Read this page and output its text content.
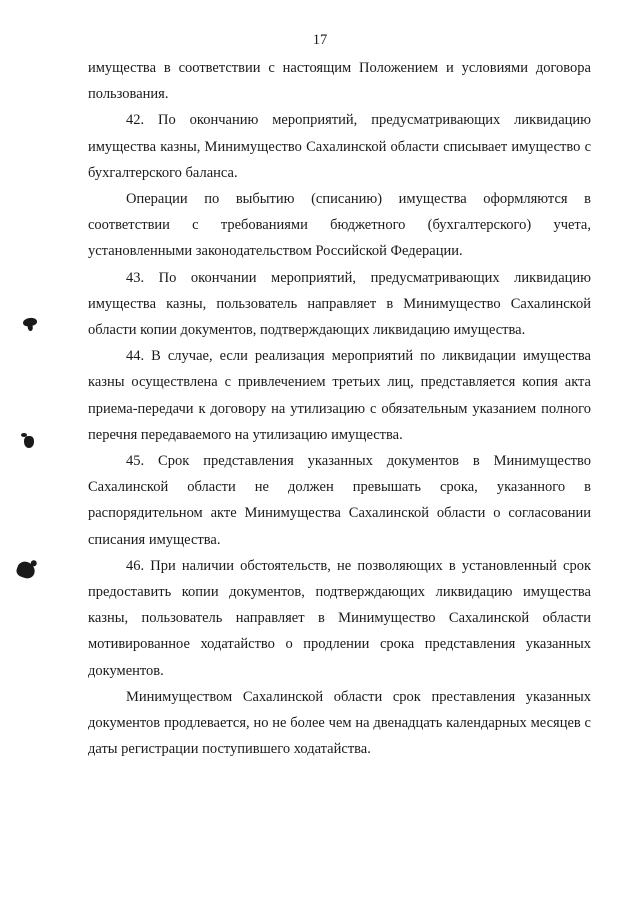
17

имущества в соответствии с настоящим Положением и условиями договора пользования.

42. По окончанию мероприятий, предусматривающих ликвидацию имущества казны, Минимущество Сахалинской области списывает имущество с бухгалтерского баланса.

Операции по выбытию (списанию) имущества оформляются в соответствии с требованиями бюджетного (бухгалтерского) учета, установленными законодательством Российской Федерации.

43. По окончании мероприятий, предусматривающих ликвидацию имущества казны, пользователь направляет в Минимущество Сахалинской области копии документов, подтверждающих ликвидацию имущества.

44. В случае, если реализация мероприятий по ликвидации имущества казны осуществлена с привлечением третьих лиц, представляется копия акта приема-передачи к договору на утилизацию с обязательным указанием полного перечня передаваемого на утилизацию имущества.

45. Срок представления указанных документов в Минимущество Сахалинской области не должен превышать срока, указанного в распорядительном акте Минимущества Сахалинской области о согласовании списания имущества.

46. При наличии обстоятельств, не позволяющих в установленный срок предоставить копии документов, подтверждающих ликвидацию имущества казны, пользователь направляет в Минимущество Сахалинской области мотивированное ходатайство о продлении срока представления указанных документов.

Минимуществом Сахалинской области срок преставления указанных документов продлевается, но не более чем на двенадцать календарных месяцев с даты регистрации поступившего ходатайства.
